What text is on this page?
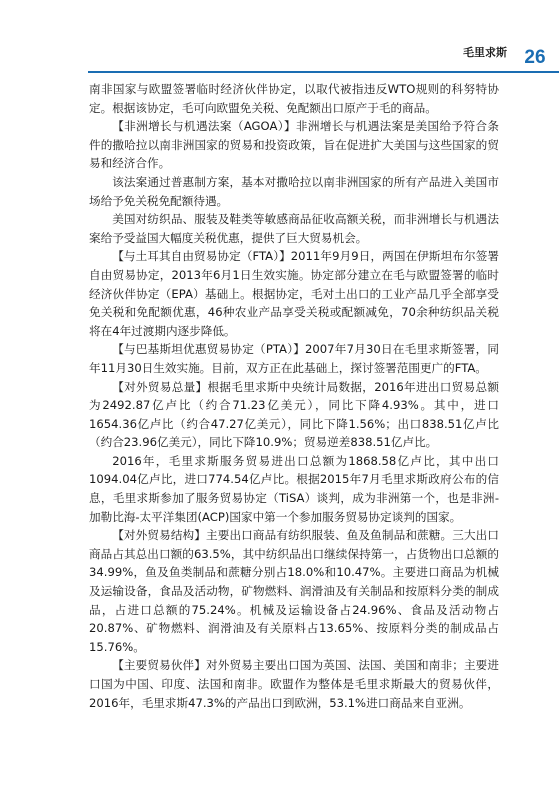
毛里求斯 26

南非国家与欧盟签署临时经济伙伴协定，以取代被指违反WTO规则的科努特协定。根据该协定，毛可向欧盟免关税、免配额出口原产于毛的商品。

【非洲增长与机遇法案（AGOA）】非洲增长与机遇法案是美国给予符合条件的撒哈拉以南非洲国家的贸易和投资政策，旨在促进扩大美国与这些国家的贸易和经济合作。

该法案通过普惠制方案，基本对撒哈拉以南非洲国家的所有产品进入美国市场给予免关税免配额待遇。

美国对纺织品、服装及鞋类等敏感商品征收高额关税，而非洲增长与机遇法案给予受益国大幅度关税优惠，提供了巨大贸易机会。

【与土耳其自由贸易协定（FTA）】2011年9月9日，两国在伊斯坦布尔签署自由贸易协定，2013年6月1日生效实施。协定部分建立在毛与欧盟签署的临时经济伙伴协定（EPA）基础上。根据协定，毛对土出口的工业产品几乎全部享受免关税和免配额优惠，46种农业产品享受关税或配额减免，70余种纺织品关税将在4年过渡期内逐步降低。

【与巴基斯坦优惠贸易协定（PTA）】2007年7月30日在毛里求斯签署，同年11月30日生效实施。目前，双方正在此基础上，探讨签署范围更广的FTA。

【对外贸易总量】根据毛里求斯中央统计局数据，2016年进出口贸易总额为2492.87亿卢比（约合71.23亿美元），同比下降4.93%。其中，进口1654.36亿卢比（约合47.27亿美元），同比下降1.56%；出口838.51亿卢比（约合23.96亿美元），同比下降10.9%；贸易逆差838.51亿卢比。

2016年，毛里求斯服务贸易进出口总额为1868.58亿卢比，其中出口1094.04亿卢比，进口774.54亿卢比。根据2015年7月毛里求斯政府公布的信息，毛里求斯参加了服务贸易协定（TiSA）谈判，成为非洲第一个，也是非洲-加勒比海-太平洋集团(ACP)国家中第一个参加服务贸易协定谈判的国家。

【对外贸易结构】主要出口商品有纺织服装、鱼及鱼制品和蔗糖。三大出口商品占其总出口额的63.5%，其中纺织品出口继续保持第一，占货物出口总额的34.99%，鱼及鱼类制品和蔗糖分别占18.0%和10.47%。主要进口商品为机械及运输设备，食品及活动物，矿物燃料、润滑油及有关制品和按原料分类的制成品，占进口总额的75.24%。机械及运输设备占24.96%、食品及活动物占20.87%、矿物燃料、润滑油及有关原料占13.65%、按原料分类的制成品占15.76%。

【主要贸易伙伴】对外贸易主要出口国为英国、法国、美国和南非；主要进口国为中国、印度、法国和南非。欧盟作为整体是毛里求斯最大的贸易伙伴，2016年，毛里求斯47.3%的产品出口到欧洲，53.1%进口商品来自亚洲。
